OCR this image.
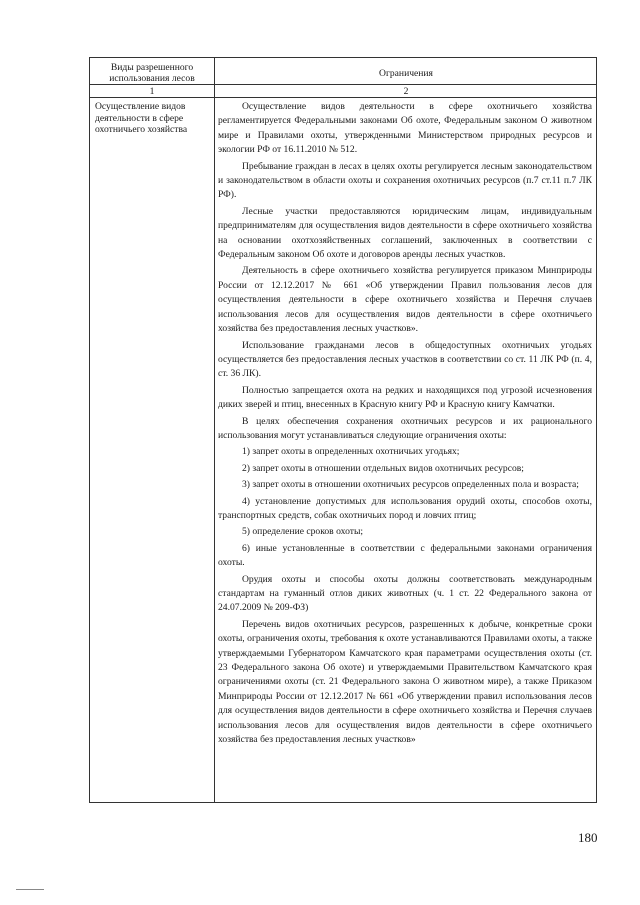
Виды разрешенного использования лесов	Ограничения
1	2
Осуществление видов деятельности в сфере охотничьего хозяйства

Осуществление видов деятельности в сфере охотничьего хозяйства регламентируется Федеральными законами Об охоте, Федеральным законом О животном мире и Правилами охоты, утвержденными Министерством природных ресурсов и экологии РФ от 16.11.2010 № 512.

Пребывание граждан в лесах в целях охоты регулируется лесным законодательством и законодательством в области охоты и сохранения охотничьих ресурсов (п.7 ст.11 п.7 ЛК РФ).

Лесные участки предоставляются юридическим лицам, индивидуальным предпринимателям для осуществления видов деятельности в сфере охотничьего хозяйства на основании охотхозяйственных соглашений, заключенных в соответствии с Федеральным законом Об охоте и договоров аренды лесных участков.

Деятельность в сфере охотничьего хозяйства регулируется приказом Минприроды России от 12.12.2017 № 661 «Об утверждении Правил пользования лесов для осуществления деятельности в сфере охотничьего хозяйства и Перечня случаев использования лесов для осуществления видов деятельности в сфере охотничьего хозяйства без предоставления лесных участков».

Использование гражданами лесов в общедоступных охотничьих угодьях осуществляется без предоставления лесных участков в соответствии со ст. 11 ЛК РФ (п. 4, ст. 36 ЛК).

Полностью запрещается охота на редких и находящихся под угрозой исчезновения диких зверей и птиц, внесенных в Красную книгу РФ и Красную книгу Камчатки.

В целях обеспечения сохранения охотничьих ресурсов и их рационального использования могут устанавливаться следующие ограничения охоты:

1) запрет охоты в определенных охотничьих угодьях;

2) запрет охоты в отношении отдельных видов охотничьих ресурсов;

3) запрет охоты в отношении охотничьих ресурсов определенных пола и возраста;

4) установление допустимых для использования орудий охоты, способов охоты, транспортных средств, собак охотничьих пород и ловчих птиц;

5) определение сроков охоты;

6) иные установленные в соответствии с федеральными законами ограничения охоты.

Орудия охоты и способы охоты должны соответствовать международным стандартам на гуманный отлов диких животных (ч. 1 ст. 22 Федерального закона от 24.07.2009 № 209-ФЗ)

Перечень видов охотничьих ресурсов, разрешенных к добыче, конкретные сроки охоты, ограничения охоты, требования к охоте устанавливаются Правилами охоты, а также утверждаемыми Губернатором Камчатского края параметрами осуществления охоты (ст. 23 Федерального закона Об охоте) и утверждаемыми Правительством Камчатского края ограничениями охоты (ст. 21 Федерального закона О животном мире), а также Приказом Минприроды России от 12.12.2017 № 661 «Об утверждении правил использования лесов для осуществления видов деятельности в сфере охотничьего хозяйства и Перечня случаев использования лесов для осуществления видов деятельности в сфере охотничьего хозяйства без предоставления лесных участков»

180
